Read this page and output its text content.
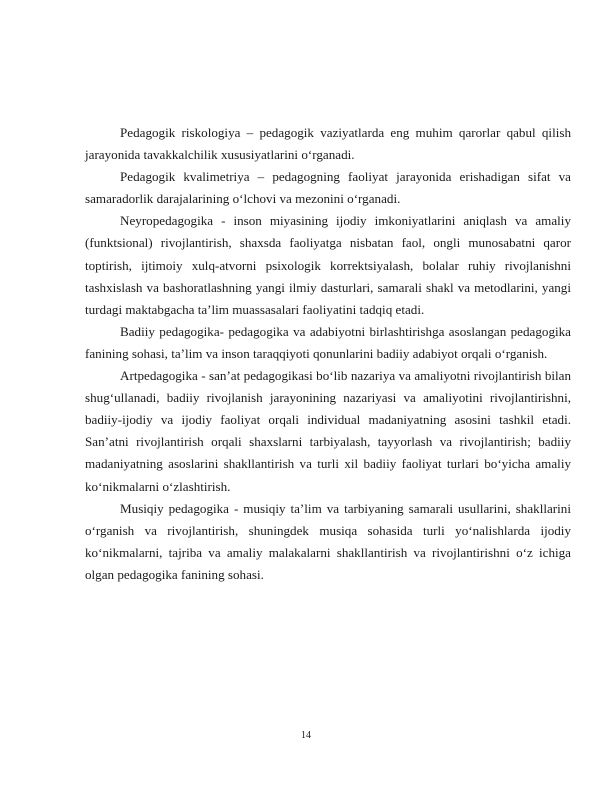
Pedagogik riskologiya – pedagogik vaziyatlarda eng muhim qarorlar qabul qilish jarayonida tavakkalchilik xususiyatlarini o‘rganadi.

Pedagogik kvalimetriya – pedagogning faoliyat jarayonida erishadigan sifat va samaradorlik darajalarining o‘lchovi va mezonini o‘rganadi.

Neyropedagogika - inson miyasining ijodiy imkoniyatlarini aniqlash va amaliy (funktsional) rivojlantirish, shaxsda faoliyatga nisbatan faol, ongli munosabatni qaror toptirish, ijtimoiy xulq-atvorni psixologik korrektsiyalash, bolalar ruhiy rivojlanishni tashxislash va bashoratlashning yangi ilmiy dasturlari, samarali shakl va metodlarini, yangi turdagi maktabgacha ta’lim muassasalari faoliyatini tadqiq etadi.

Badiiy pedagogika- pedagogika va adabiyotni birlashtirishga asoslangan pedagogika fanining sohasi, ta’lim va inson taraqqiyoti qonunlarini badiiy adabiyot orqali o‘rganish.

Artpedagogika - san’at pedagogikasi bo‘lib nazariya va amaliyotni rivojlantirish bilan shug‘ullanadi, badiiy rivojlanish jarayonining nazariyasi va amaliyotini rivojlantirishni, badiiy-ijodiy va ijodiy faoliyat orqali individual madaniyatning asosini tashkil etadi. San’atni rivojlantirish orqali shaxslarni tarbiyalash, tayyorlash va rivojlantirish; badiiy madaniyatning asoslarini shakllantirish va turli xil badiiy faoliyat turlari bo‘yicha amaliy ko‘nikmalarni o‘zlashtirish.

Musiqiy pedagogika - musiqiy ta’lim va tarbiyaning samarali usullarini, shakllarini o‘rganish va rivojlantirish, shuningdek musiqa sohasida turli yo‘nalishlarda ijodiy ko‘nikmalarni, tajriba va amaliy malakalarni shakllantirish va rivojlantirishni o‘z ichiga olgan pedagogika fanining sohasi.

14
